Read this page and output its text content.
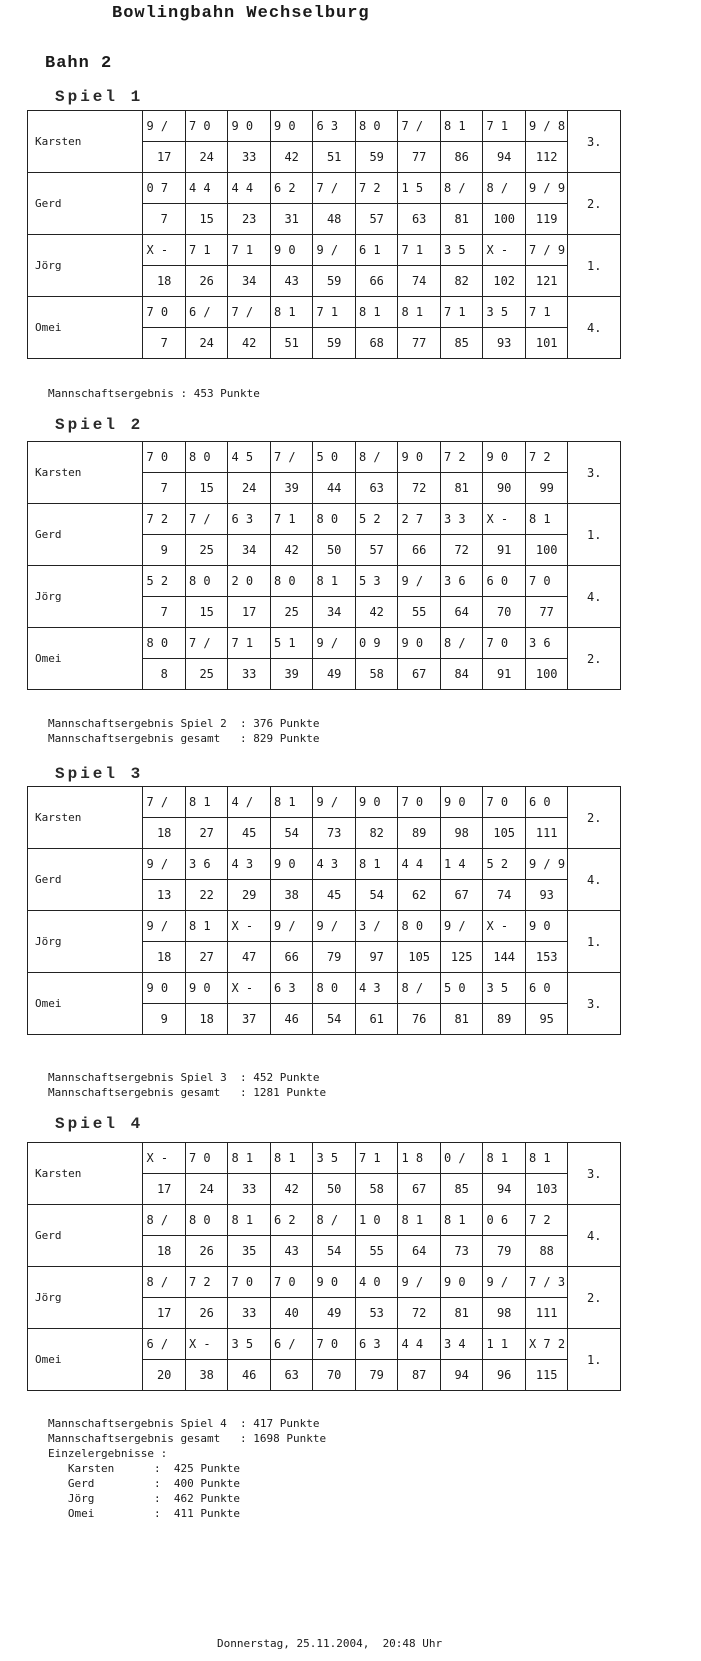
Bowlingbahn Wechselburg
Bahn 2
Spiel 1
Spiel 2
Spiel 3
Spiel 4
Karsten	9 /	7 0	9 0	9 0	6 3	8 0	7 /	8 1	7 1	9 / 8	3.
	17	24	33	42	51	59	77	86	94	112	
Gerd	0 7	4 4	4 4	6 2	7 /	7 2	1 5	8 /	8 /	9 / 9	2.
	7	15	23	31	48	57	63	81	100	119	
Jörg	X -	7 1	7 1	9 0	9 /	6 1	7 1	3 5	X -	7 / 9	1.
	18	26	34	43	59	66	74	82	102	121	
Omei	7 0	6 /	7 /	8 1	7 1	8 1	8 1	7 1	3 5	7 1	4.
	7	24	42	51	59	68	77	85	93	101	
Karsten	7 0	8 0	4 5	7 /	5 0	8 /	9 0	7 2	9 0	7 2	3.
	7	15	24	39	44	63	72	81	90	99	
Gerd	7 2	7 /	6 3	7 1	8 0	5 2	2 7	3 3	X -	8 1	1.
	9	25	34	42	50	57	66	72	91	100	
Jörg	5 2	8 0	2 0	8 0	8 1	5 3	9 /	3 6	6 0	7 0	4.
	7	15	17	25	34	42	55	64	70	77	
Omei	8 0	7 /	7 1	5 1	9 /	0 9	9 0	8 /	7 0	3 6	2.
	8	25	33	39	49	58	67	84	91	100	
Karsten	7 /	8 1	4 /	8 1	9 /	9 0	7 0	9 0	7 0	6 0	2.
	18	27	45	54	73	82	89	98	105	111	
Gerd	9 /	3 6	4 3	9 0	4 3	8 1	4 4	1 4	5 2	9 / 9	4.
	13	22	29	38	45	54	62	67	74	93	
Jörg	9 /	8 1	X -	9 /	9 /	3 /	8 0	9 /	X -	9 0	1.
	18	27	47	66	79	97	105	125	144	153	
Omei	9 0	9 0	X -	6 3	8 0	4 3	8 /	5 0	3 5	6 0	3.
	9	18	37	46	54	61	76	81	89	95	
Karsten	X -	7 0	8 1	8 1	3 5	7 1	1 8	0 /	8 1	8 1	3.
	17	24	33	42	50	58	67	85	94	103	
Gerd	8 /	8 0	8 1	6 2	8 /	1 0	8 1	8 1	0 6	7 2	4.
	18	26	35	43	54	55	64	73	79	88	
Jörg	8 /	7 2	7 0	7 0	9 0	4 0	9 /	9 0	9 /	7 / 3	2.
	17	26	33	40	49	53	72	81	98	111	
Omei	6 /	X -	3 5	6 /	7 0	6 3	4 4	3 4	1 1	X 7 2	1.
	20	38	46	63	70	79	87	94	96	115	
Mannschaftsergebnis : 453 Punkte
Mannschaftsergebnis Spiel 2  : 376 Punkte
Mannschaftsergebnis gesamt   : 829 Punkte
Mannschaftsergebnis Spiel 3  : 452 Punkte
Mannschaftsergebnis gesamt   : 1281 Punkte
Mannschaftsergebnis Spiel 4  : 417 Punkte
Mannschaftsergebnis gesamt   : 1698 Punkte
Einzelergebnisse :
Karsten      :  425 Punkte
Gerd         :  400 Punkte
Jörg         :  462 Punkte
Omei         :  411 Punkte
Donnerstag, 25.11.2004,  20:48 Uhr
